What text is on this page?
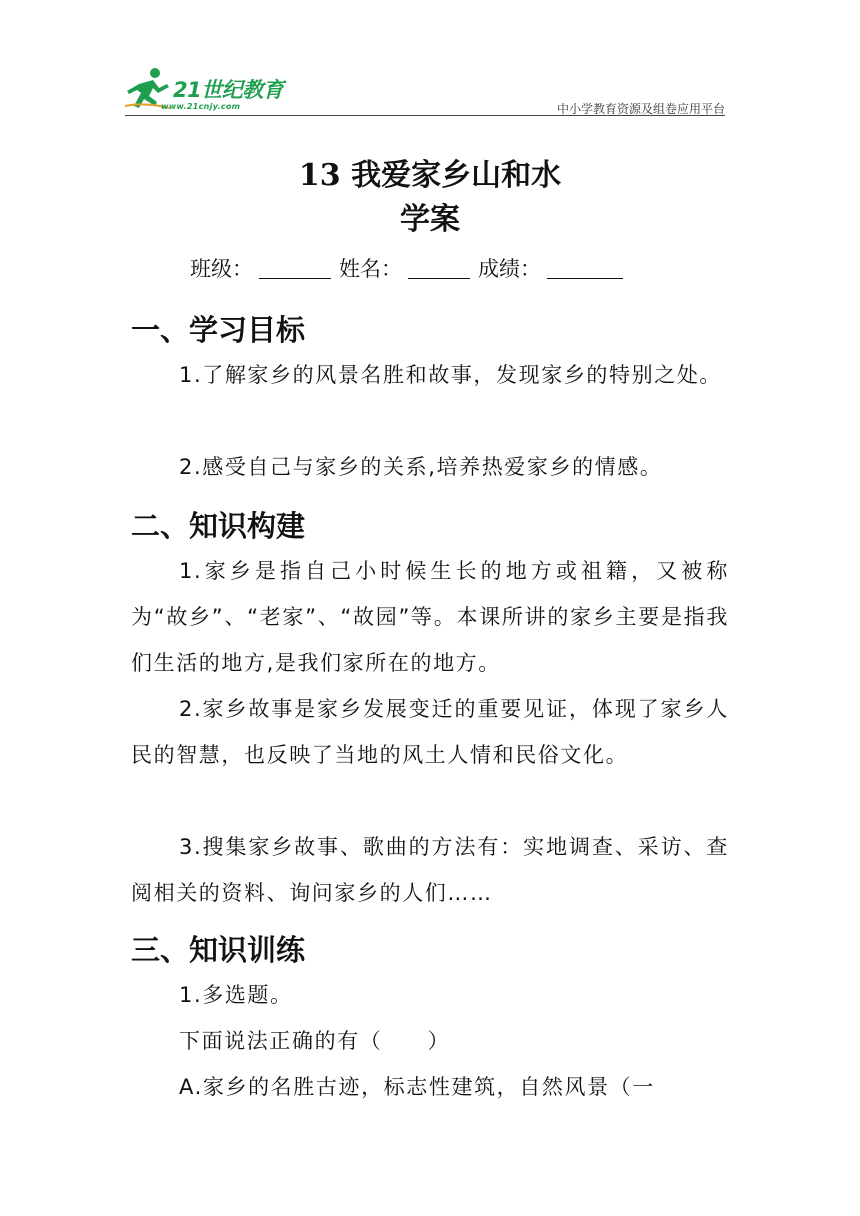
21世纪教育
www.21cnjy.com	中小学教育资源及组卷应用平台
13 我爱家乡山和水
学案
班级：	姓名：	成绩：
一、学习目标
1.了解家乡的风景名胜和故事，发现家乡的特别之处。
2.感受自己与家乡的关系,培养热爱家乡的情感。
二、知识构建
1.家乡是指自己小时候生长的地方或祖籍，又被称为“故乡”、“老家”、“故园”等。本课所讲的家乡主要是指我们生活的地方,是我们家所在的地方。
2.家乡故事是家乡发展变迁的重要见证，体现了家乡人民的智慧，也反映了当地的风土人情和民俗文化。
3.搜集家乡故事、歌曲的方法有：实地调查、采访、查阅相关的资料、询问家乡的人们……
三、知识训练
1.多选题。
下面说法正确的有（　　）
A.家乡的名胜古迹，标志性建筑，自然风景（一
